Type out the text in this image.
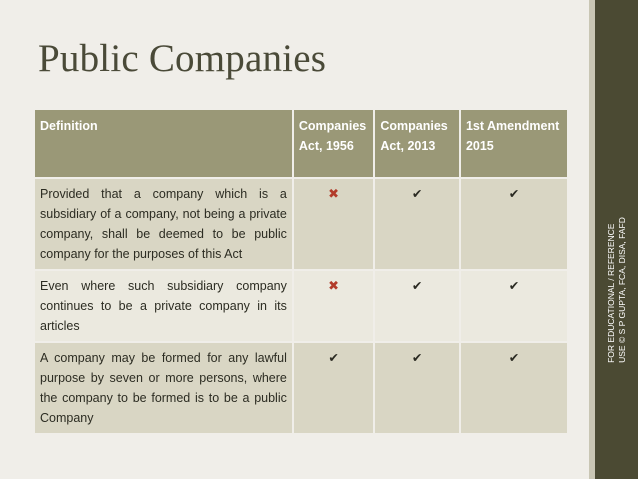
Public Companies
FOR EDUCATIONAL / REFERENCE USE © S P GUPTA, FCA, DISA, FAFD
Definition	Companies Act, 1956	Companies Act, 2013	1st Amendment 2015
Provided that a company which is a subsidiary of a company, not being a private company, shall be deemed to be public company for the purposes of this Act	✖	✔	✔
Even where such subsidiary company continues to be a private company in its articles	✖	✔	✔
A company may be formed for any lawful purpose by seven or more persons, where the company to be formed is to be a public Company	✔	✔	✔
